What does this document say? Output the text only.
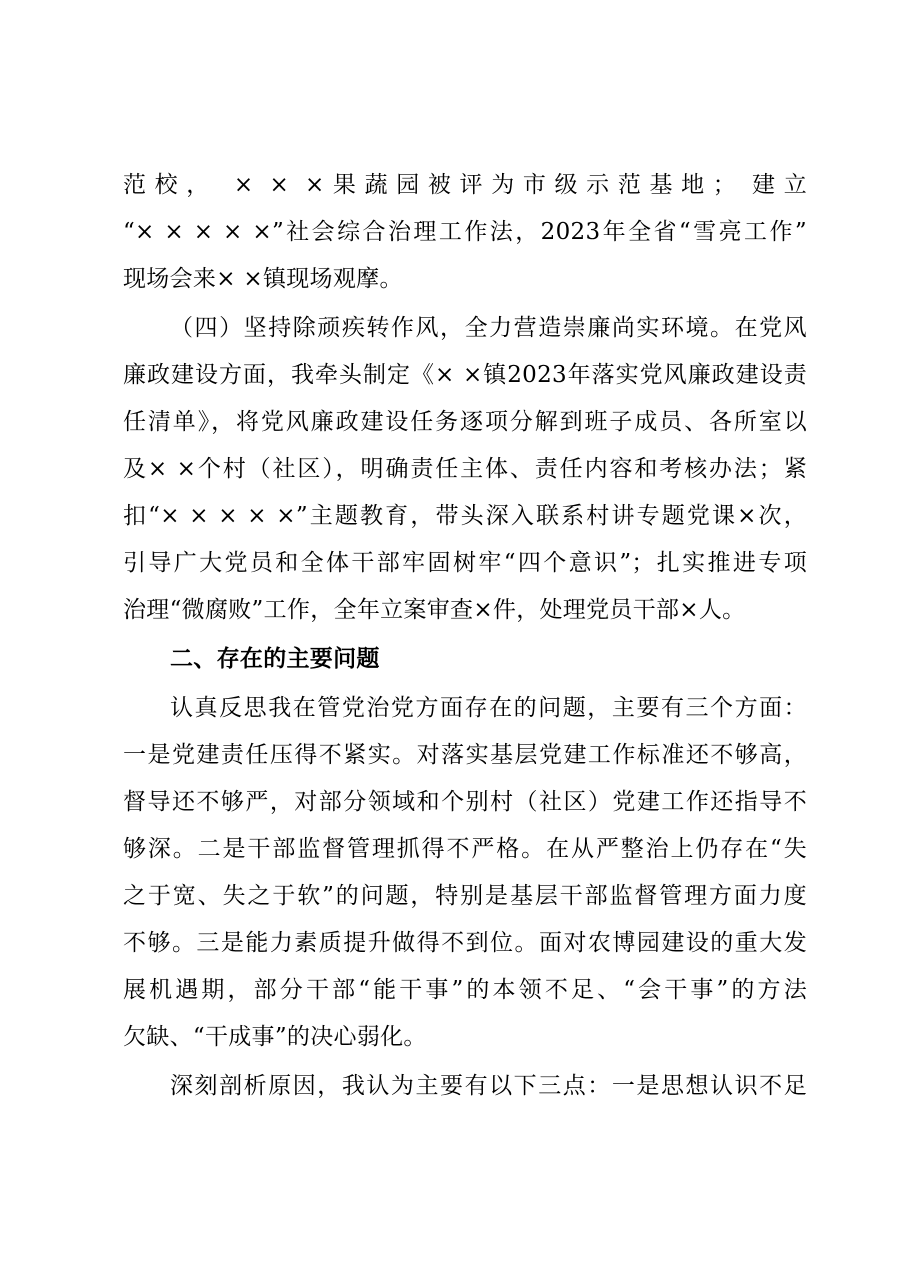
范校， × × ×果蔬园被评为市级示范基地； 建立
“× × × × ×”社会综合治理工作法，2023年全省“雪亮工作”
现场会来× ×镇现场观摩。
（四）坚持除顽疾转作风，全力营造崇廉尚实环境。在党风
廉政建设方面，我牵头制定《× ×镇2023年落实党风廉政建设责
任清单》，将党风廉政建设任务逐项分解到班子成员、各所室以
及× ×个村（社区），明确责任主体、责任内容和考核办法；紧
扣“× × × × ×”主题教育，带头深入联系村讲专题党课×次，
引导广大党员和全体干部牢固树牢“四个意识”；扎实推进专项
治理“微腐败”工作，全年立案审查×件，处理党员干部×人。
二、存在的主要问题
认真反思我在管党治党方面存在的问题，主要有三个方面：
一是党建责任压得不紧实。对落实基层党建工作标准还不够高，
督导还不够严，对部分领域和个别村（社区）党建工作还指导不
够深。二是干部监督管理抓得不严格。在从严整治上仍存在“失
之于宽、失之于软”的问题，特别是基层干部监督管理方面力度
不够。三是能力素质提升做得不到位。面对农博园建设的重大发
展机遇期，部分干部“能干事”的本领不足、“会干事”的方法
欠缺、“干成事”的决心弱化。
深刻剖析原因，我认为主要有以下三点：一是思想认识不足
